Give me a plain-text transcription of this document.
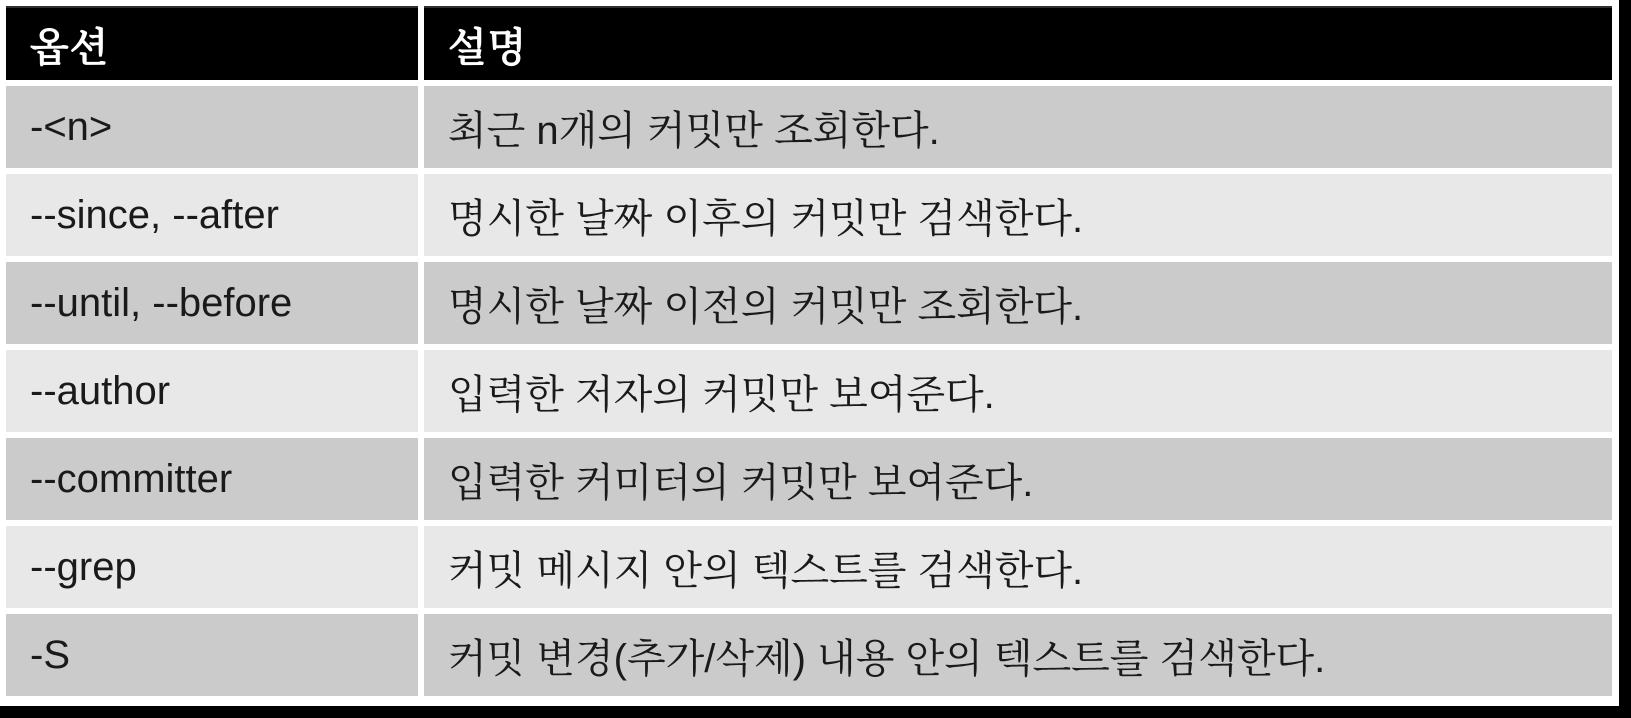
옵션	설명
-<n>	최근 n개의 커밋만 조회한다.
--since, --after	명시한 날짜 이후의 커밋만 검색한다.
--until, --before	명시한 날짜 이전의 커밋만 조회한다.
--author	입력한 저자의 커밋만 보여준다.
--committer	입력한 커미터의 커밋만 보여준다.
--grep	커밋 메시지 안의 텍스트를 검색한다.
-S	커밋 변경(추가/삭제) 내용 안의 텍스트를 검색한다.
